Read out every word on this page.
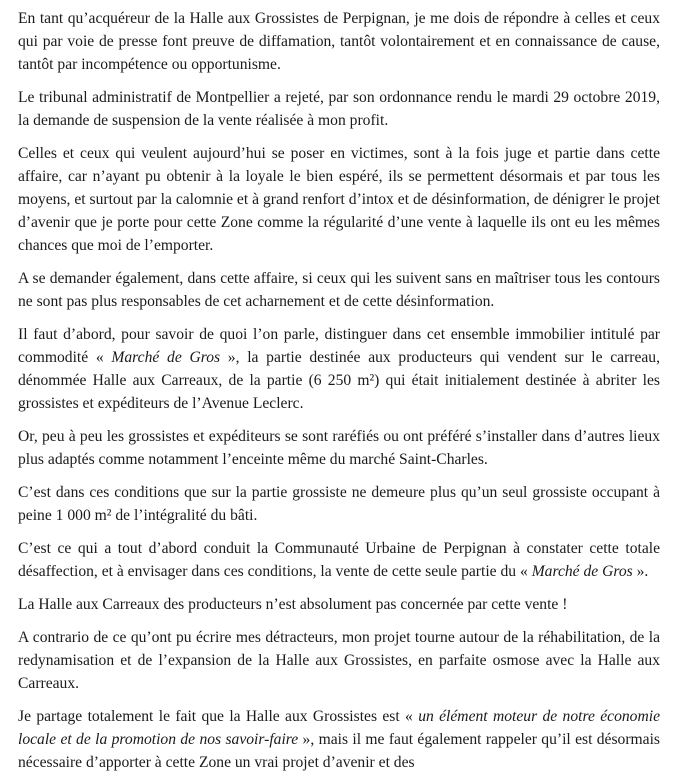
En tant qu’acquéreur de la Halle aux Grossistes de Perpignan, je me dois de répondre à celles et ceux qui par voie de presse font preuve de diffamation, tantôt volontairement et en connaissance de cause, tantôt par incompétence ou opportunisme.

Le tribunal administratif de Montpellier a rejeté, par son ordonnance rendu le mardi 29 octobre 2019, la demande de suspension de la vente réalisée à mon profit.

Celles et ceux qui veulent aujourd’hui se poser en victimes, sont à la fois juge et partie dans cette affaire, car n’ayant pu obtenir à la loyale le bien espéré, ils se permettent désormais et par tous les moyens, et surtout par la calomnie et à grand renfort d’intox et de désinformation, de dénigrer le projet d’avenir que je porte pour cette Zone comme la régularité d’une vente à laquelle ils ont eu les mêmes chances que moi de l’emporter.

A se demander également, dans cette affaire, si ceux qui les suivent sans en maîtriser tous les contours ne sont pas plus responsables de cet acharnement et de cette désinformation.

Il faut d’abord, pour savoir de quoi l’on parle, distinguer dans cet ensemble immobilier intitulé par commodité « Marché de Gros », la partie destinée aux producteurs qui vendent sur le carreau, dénommée Halle aux Carreaux, de la partie (6 250 m²) qui était initialement destinée à abriter les grossistes et expéditeurs de l’Avenue Leclerc.

Or, peu à peu les grossistes et expéditeurs se sont raréfiés ou ont préféré s’installer dans d’autres lieux plus adaptés comme notamment l’enceinte même du marché Saint-Charles.

C’est dans ces conditions que sur la partie grossiste ne demeure plus qu’un seul grossiste occupant à peine 1 000 m² de l’intégralité du bâti.

C’est ce qui a tout d’abord conduit la Communauté Urbaine de Perpignan à constater cette totale désaffection, et à envisager dans ces conditions, la vente de cette seule partie du « Marché de Gros ».

La Halle aux Carreaux des producteurs n’est absolument pas concernée par cette vente !

A contrario de ce qu’ont pu écrire mes détracteurs, mon projet tourne autour de la réhabilitation, de la redynamisation et de l’expansion de la Halle aux Grossistes, en parfaite osmose avec la Halle aux Carreaux.

Je partage totalement le fait que la Halle aux Grossistes est « un élément moteur de notre économie locale et de la promotion de nos savoir-faire », mais il me faut également rappeler qu’il est désormais nécessaire d’apporter à cette Zone un vrai projet d’avenir et des
